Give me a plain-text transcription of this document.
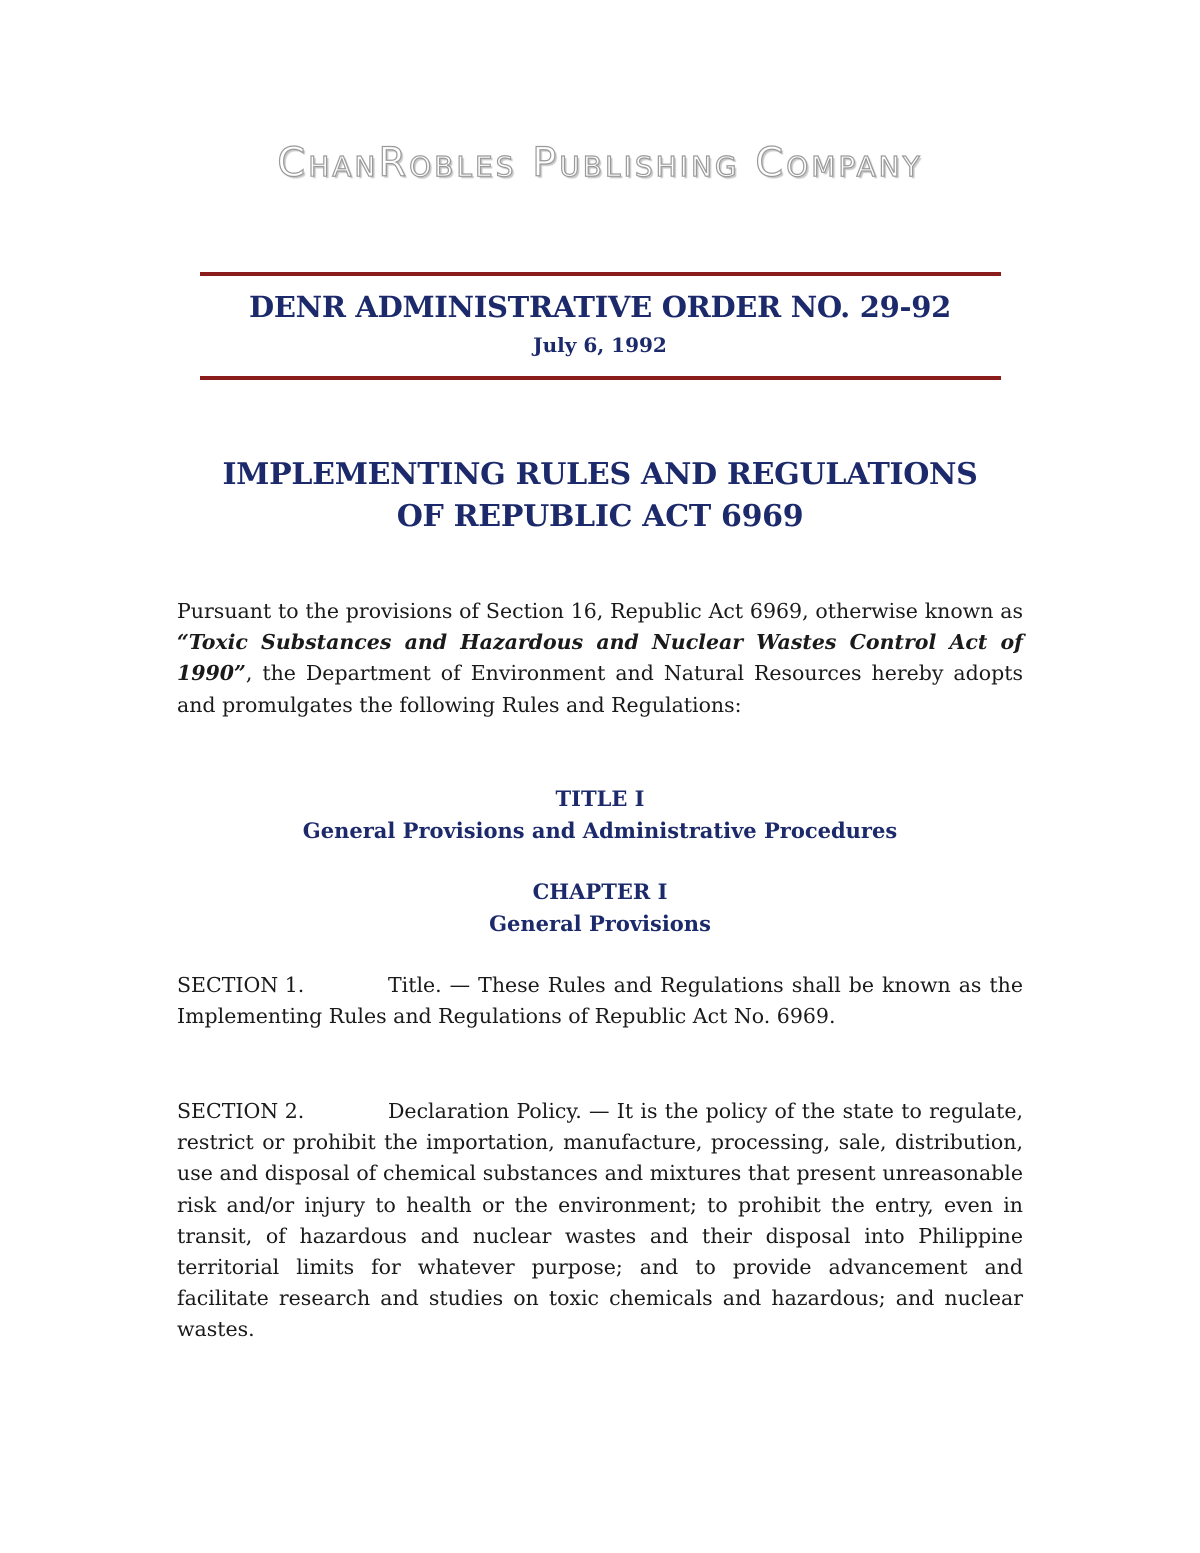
ChanRobles Publishing Company
DENR ADMINISTRATIVE ORDER NO. 29-92
July 6, 1992
IMPLEMENTING RULES AND REGULATIONS
OF REPUBLIC ACT 6969
Pursuant to the provisions of Section 16, Republic Act 6969, otherwise known as “Toxic Substances and Hazardous and Nuclear Wastes Control Act of 1990”, the Department of Environment and Natural Resources hereby adopts and promulgates the following Rules and Regulations:
TITLE I
General Provisions and Administrative Procedures
CHAPTER I
General Provisions
SECTION 1.	Title. — These Rules and Regulations shall be known as the Implementing Rules and Regulations of Republic Act No. 6969.
SECTION 2.	Declaration Policy. — It is the policy of the state to regulate, restrict or prohibit the importation, manufacture, processing, sale, distribution, use and disposal of chemical substances and mixtures that present unreasonable risk and/or injury to health or the environment; to prohibit the entry, even in transit, of hazardous and nuclear wastes and their disposal into Philippine territorial limits for whatever purpose; and to provide advancement and facilitate research and studies on toxic chemicals and hazardous; and nuclear wastes.
